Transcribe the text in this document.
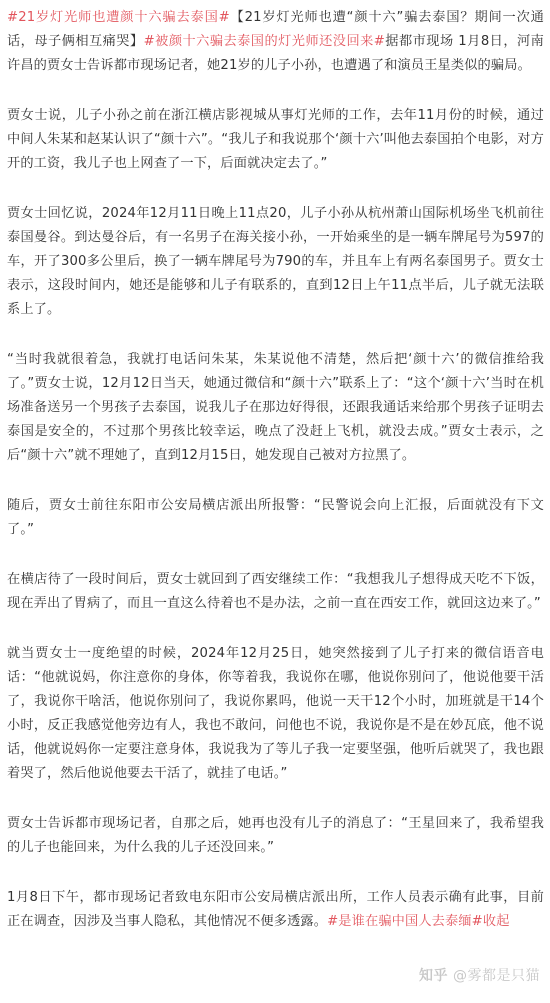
#21岁灯光师也遭颜十六骗去泰国#【21岁灯光师也遭“颜十六”骗去泰国？期间一次通话，母子俩相互痛哭】#被颜十六骗去泰国的灯光师还没回来#据都市现场 1月8日，河南许昌的贾女士告诉都市现场记者，她21岁的儿子小孙，也遭遇了和演员王星类似的骗局。

贾女士说，儿子小孙之前在浙江横店影视城从事灯光师的工作，去年11月份的时候，通过中间人朱某和赵某认识了“颜十六”。“我儿子和我说那个‘颜十六’叫他去泰国拍个电影，对方开的工资，我儿子也上网查了一下，后面就决定去了。”

贾女士回忆说，2024年12月11日晚上11点20，儿子小孙从杭州萧山国际机场坐飞机前往泰国曼谷。到达曼谷后，有一名男子在海关接小孙，一开始乘坐的是一辆车牌尾号为597的车，开了300多公里后，换了一辆车牌尾号为790的车，并且车上有两名泰国男子。贾女士表示，这段时间内，她还是能够和儿子有联系的，直到12日上午11点半后，儿子就无法联系上了。

“当时我就很着急，我就打电话问朱某，朱某说他不清楚，然后把‘颜十六’的微信推给我了。”贾女士说，12月12日当天，她通过微信和“颜十六”联系上了：“这个‘颜十六’当时在机场准备送另一个男孩子去泰国，说我儿子在那边好得很，还跟我通话来给那个男孩子证明去泰国是安全的，不过那个男孩比较幸运，晚点了没赶上飞机，就没去成。”贾女士表示，之后“颜十六”就不理她了，直到12月15日，她发现自己被对方拉黑了。

随后，贾女士前往东阳市公安局横店派出所报警：“民警说会向上汇报，后面就没有下文了。”

在横店待了一段时间后，贾女士就回到了西安继续工作：“我想我儿子想得成天吃不下饭，现在弄出了胃病了，而且一直这么待着也不是办法，之前一直在西安工作，就回这边来了。”

就当贾女士一度绝望的时候，2024年12月25日，她突然接到了儿子打来的微信语音电话：“他就说妈，你注意你的身体，你等着我，我说你在哪，他说你别问了，他说他要干活了，我说你干啥活，他说你别问了，我说你累吗，他说一天干12个小时，加班就是干14个小时，反正我感觉他旁边有人，我也不敢问，问他也不说，我说你是不是在妙瓦底，他不说话，他就说妈你一定要注意身体，我说我为了等儿子我一定要坚强，他听后就哭了，我也跟着哭了，然后他说他要去干活了，就挂了电话。”

贾女士告诉都市现场记者，自那之后，她再也没有儿子的消息了：“王星回来了，我希望我的儿子也能回来，为什么我的儿子还没回来。”

1月8日下午，都市现场记者致电东阳市公安局横店派出所，工作人员表示确有此事，目前正在调查，因涉及当事人隐私，其他情况不便多透露。#是谁在骗中国人去泰缅#收起

知乎 @雾都是只猫
